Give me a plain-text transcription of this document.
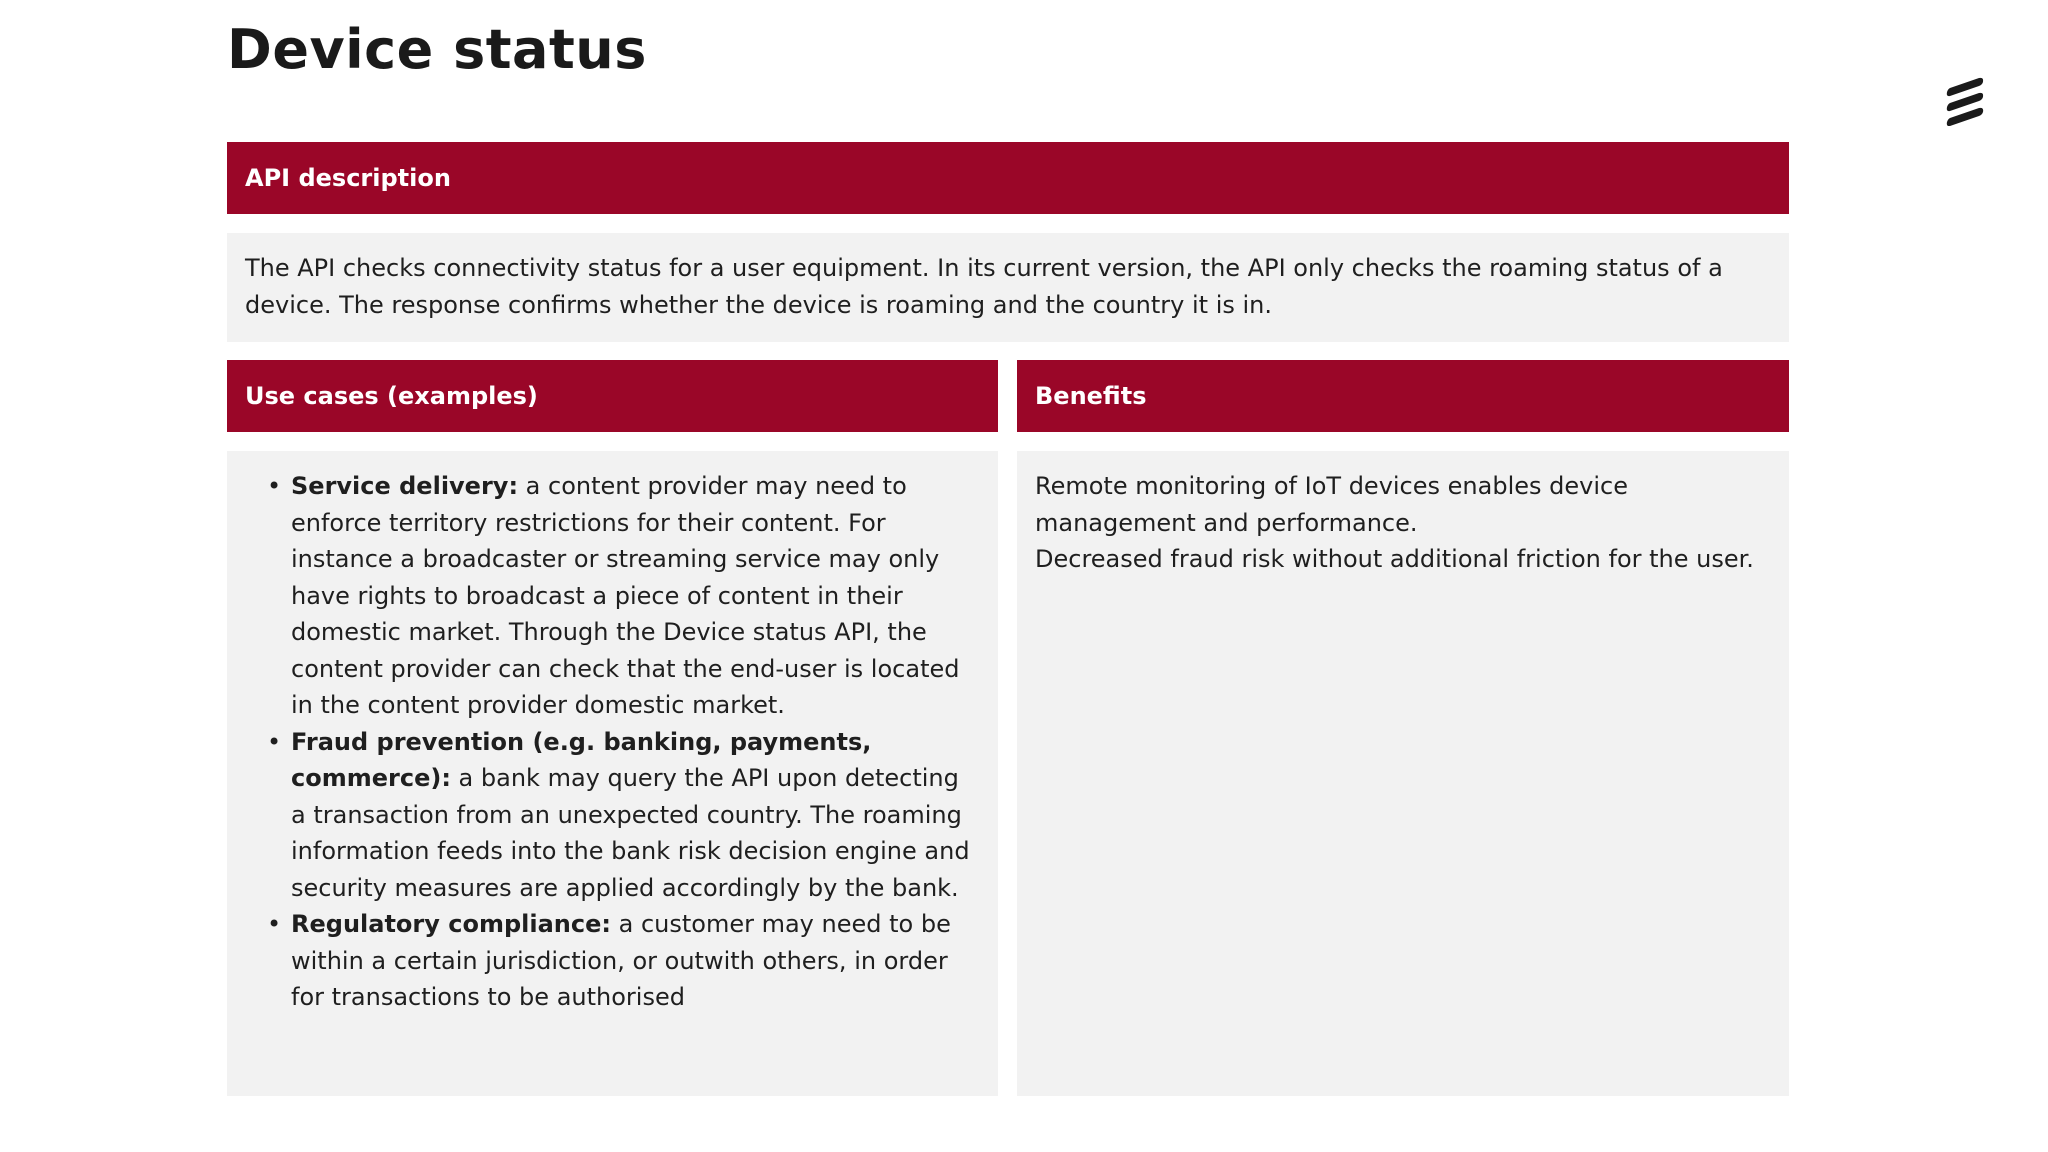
Device status
API description
The API checks connectivity status for a user equipment. In its current version, the API only checks the roaming status of a device. The response confirms whether the device is roaming and the country it is in.
Use cases (examples)	Benefits
• Service delivery: a content provider may need to enforce territory restrictions for their content. For instance a broadcaster or streaming service may only have rights to broadcast a piece of content in their domestic market. Through the Device status API, the content provider can check that the end-user is located in the content provider domestic market.
• Fraud prevention (e.g. banking, payments, commerce): a bank may query the API upon detecting a transaction from an unexpected country. The roaming information feeds into the bank risk decision engine and security measures are applied accordingly by the bank.
• Regulatory compliance: a customer may need to be within a certain jurisdiction, or outwith others, in order for transactions to be authorised
Remote monitoring of IoT devices enables device management and performance.
Decreased fraud risk without additional friction for the user.
